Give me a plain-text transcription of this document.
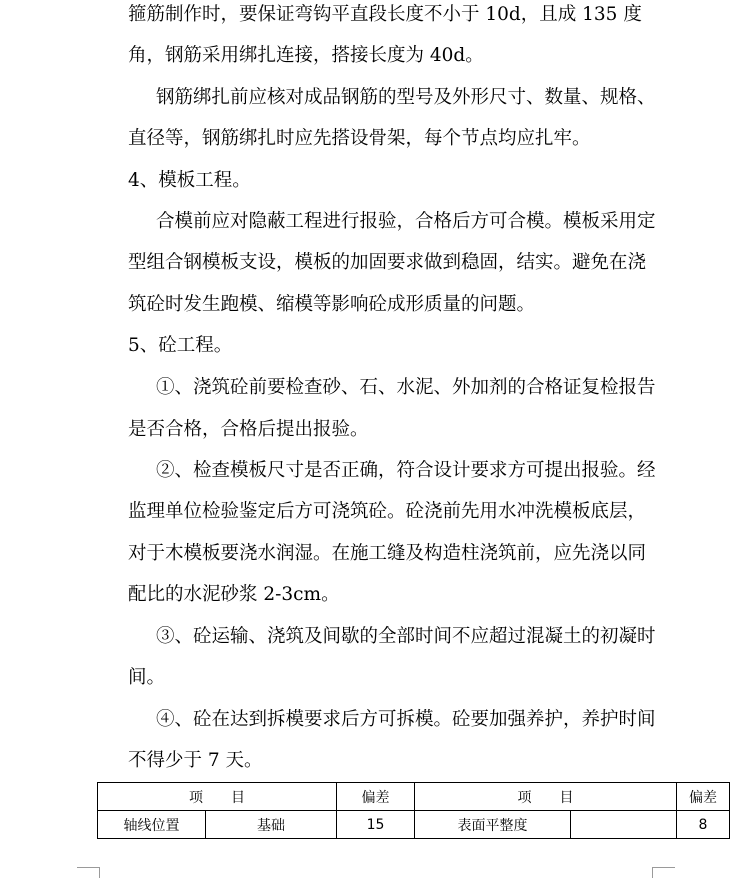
箍筋制作时，要保证弯钩平直段长度不小于 10d，且成 135 度
角，钢筋采用绑扎连接，搭接长度为 40d。
钢筋绑扎前应核对成品钢筋的型号及外形尺寸、数量、规格、
直径等，钢筋绑扎时应先搭设骨架，每个节点均应扎牢。
4、模板工程。
合模前应对隐蔽工程进行报验，合格后方可合模。模板采用定
型组合钢模板支设，模板的加固要求做到稳固，结实。避免在浇
筑砼时发生跑模、缩模等影响砼成形质量的问题。
5、砼工程。
①、浇筑砼前要检查砂、石、水泥、外加剂的合格证复检报告
是否合格，合格后提出报验。
②、检查模板尺寸是否正确，符合设计要求方可提出报验。经
监理单位检验鉴定后方可浇筑砼。砼浇前先用水冲洗模板底层，
对于木模板要浇水润湿。在施工缝及构造柱浇筑前，应先浇以同
配比的水泥砂浆 2-3cm。
③、砼运输、浇筑及间歇的全部时间不应超过混凝土的初凝时
间。
④、砼在达到拆模要求后方可拆模。砼要加强养护，养护时间
不得少于 7 天。
项　　目		偏差	项　　目		偏差
轴线位置	基础	15	表面平整度		8
